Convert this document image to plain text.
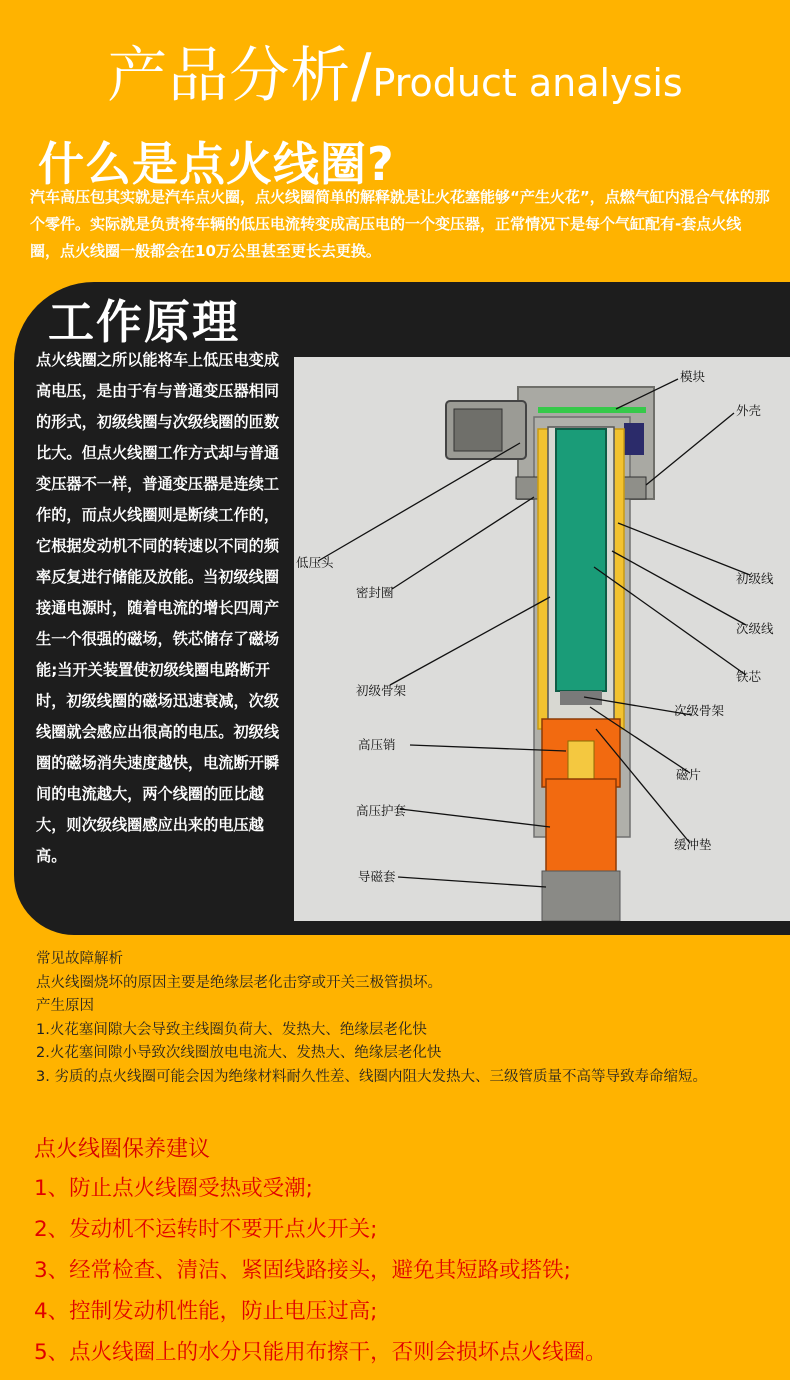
产品分析/Product analysis
什么是点火线圈?
汽车高压包其实就是汽车点火圈，点火线圈简单的解释就是让火花塞能够“产生火花”，点燃气缸内混合气体的那个零件。实际就是负责将车辆的低压电流转变成高压电的一个变压器，正常情况下是每个气缸配有-套点火线圈，点火线圈一般都会在10万公里甚至更长去更换。
工作原理
点火线圈之所以能将车上低压电变成高电压，是由于有与普通变压器相同的形式，初级线圈与次级线圈的匝数比大。但点火线圈工作方式却与普通变压器不一样，普通变压器是连续工作的，而点火线圈则是断续工作的，它根据发动机不同的转速以不同的频率反复进行储能及放能。当初级线圈接通电源时，随着电流的增长四周产生一个很强的磁场，铁芯储存了磁场能;当开关装置使初级线圈电路断开时，初级线圈的磁场迅速衰减，次级线圈就会感应出很高的电压。初级线圈的磁场消失速度越快，电流断开瞬间的电流越大，两个线圈的匝比越大，则次级线圈感应出来的电压越高。
模块
外壳
低压头
密封圈
初级线
次级线
铁芯
初级骨架
次级骨架
高压销
磁片
高压护套
缓冲垫
导磁套
常见故障解析
点火线圈烧坏的原因主要是绝缘层老化击穿或开关三极管损坏。
产生原因
1.火花塞间隙大会导致主线圈负荷大、发热大、绝缘层老化快
2.火花塞间隙小导致次线圈放电电流大、发热大、绝缘层老化快
3. 劣质的点火线圈可能会因为绝缘材料耐久性差、线圈内阻大发热大、三级管质量不高等导致寿命缩短。
点火线圈保养建议
1、防止点火线圈受热或受潮;
2、发动机不运转时不要开点火开关;
3、经常检查、清洁、紧固线路接头，避免其短路或搭铁;
4、控制发动机性能，防止电压过高;
5、点火线圈上的水分只能用布擦干，否则会损坏点火线圈。
